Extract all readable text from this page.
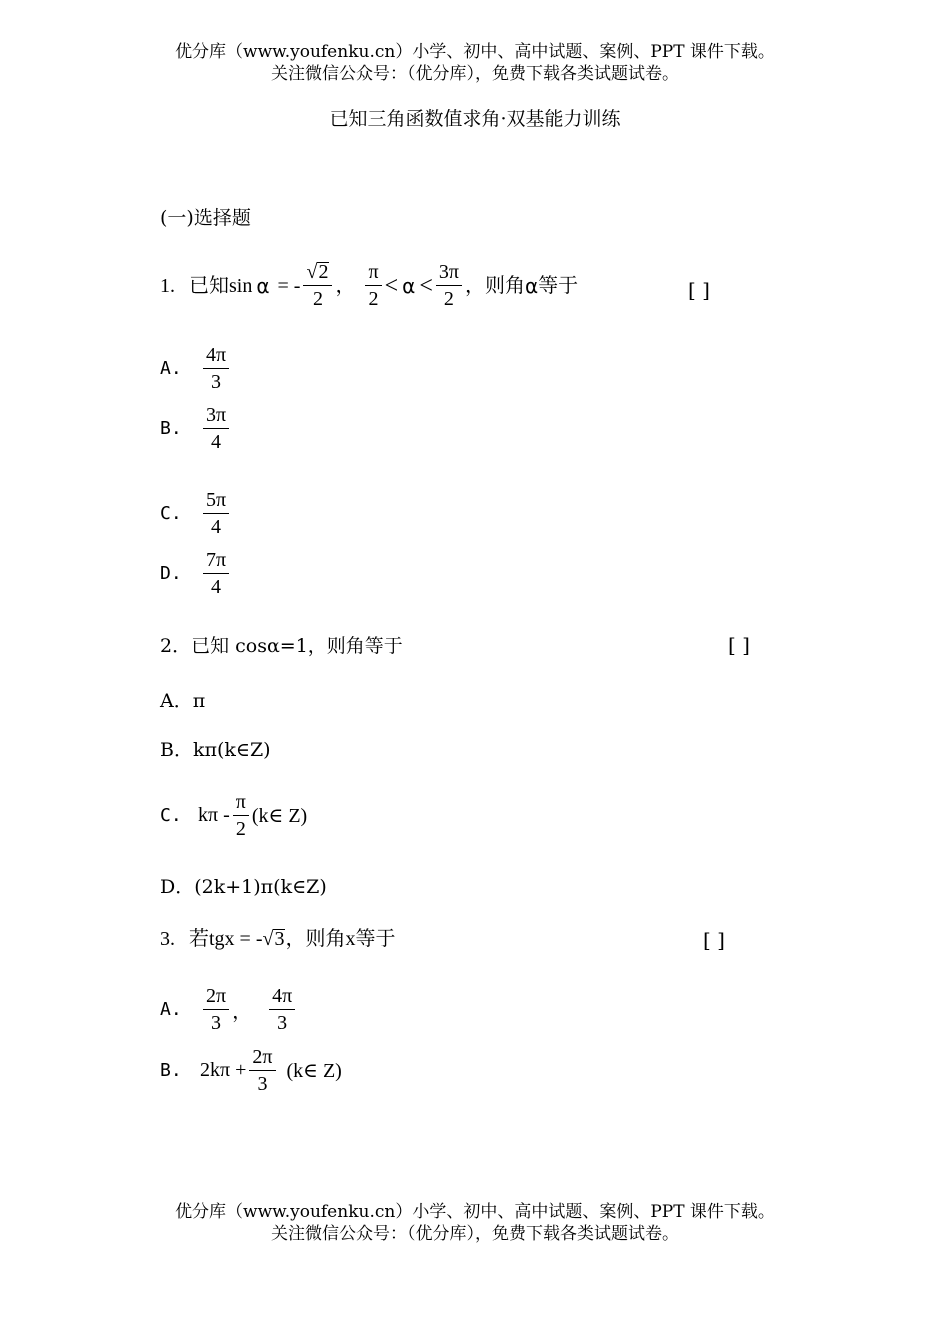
优分库（www.youfenku.cn）小学、初中、高中试题、案例、PPT 课件下载。
关注微信公众号：（优分库），免费下载各类试题试卷。
已知三角函数值求角·双基能力训练
(一)选择题
1. 已知 sin α = - $\frac{√ 2}{2}$ ， $\frac{\pi}{2} < \alpha < \frac{3\pi}{2}$ ，则角 α 等于	[ ]
A.	$\frac{4\pi}{3}$
B.	$\frac{3\pi}{4}$
C.	$\frac{5\pi}{4}$
D.	$\frac{7\pi}{4}$
2．已知 cosα=1，则角等于	[ ]
A．π
B．kπ(k∈Z)
C. kπ - $\frac{\pi}{2}$ (k∈ Z)
D．(2k+1)π(k∈Z)
3. 若 tgx = - √ 3 ，则角 x 等于	[ ]
A.	$\frac{2\pi}{3}$ ， $\frac{4\pi}{3}$
B. $2k\pi + \frac{2\pi}{3}$ (k∈ Z)
优分库（www.youfenku.cn）小学、初中、高中试题、案例、PPT 课件下载。
关注微信公众号：（优分库），免费下载各类试题试卷。
